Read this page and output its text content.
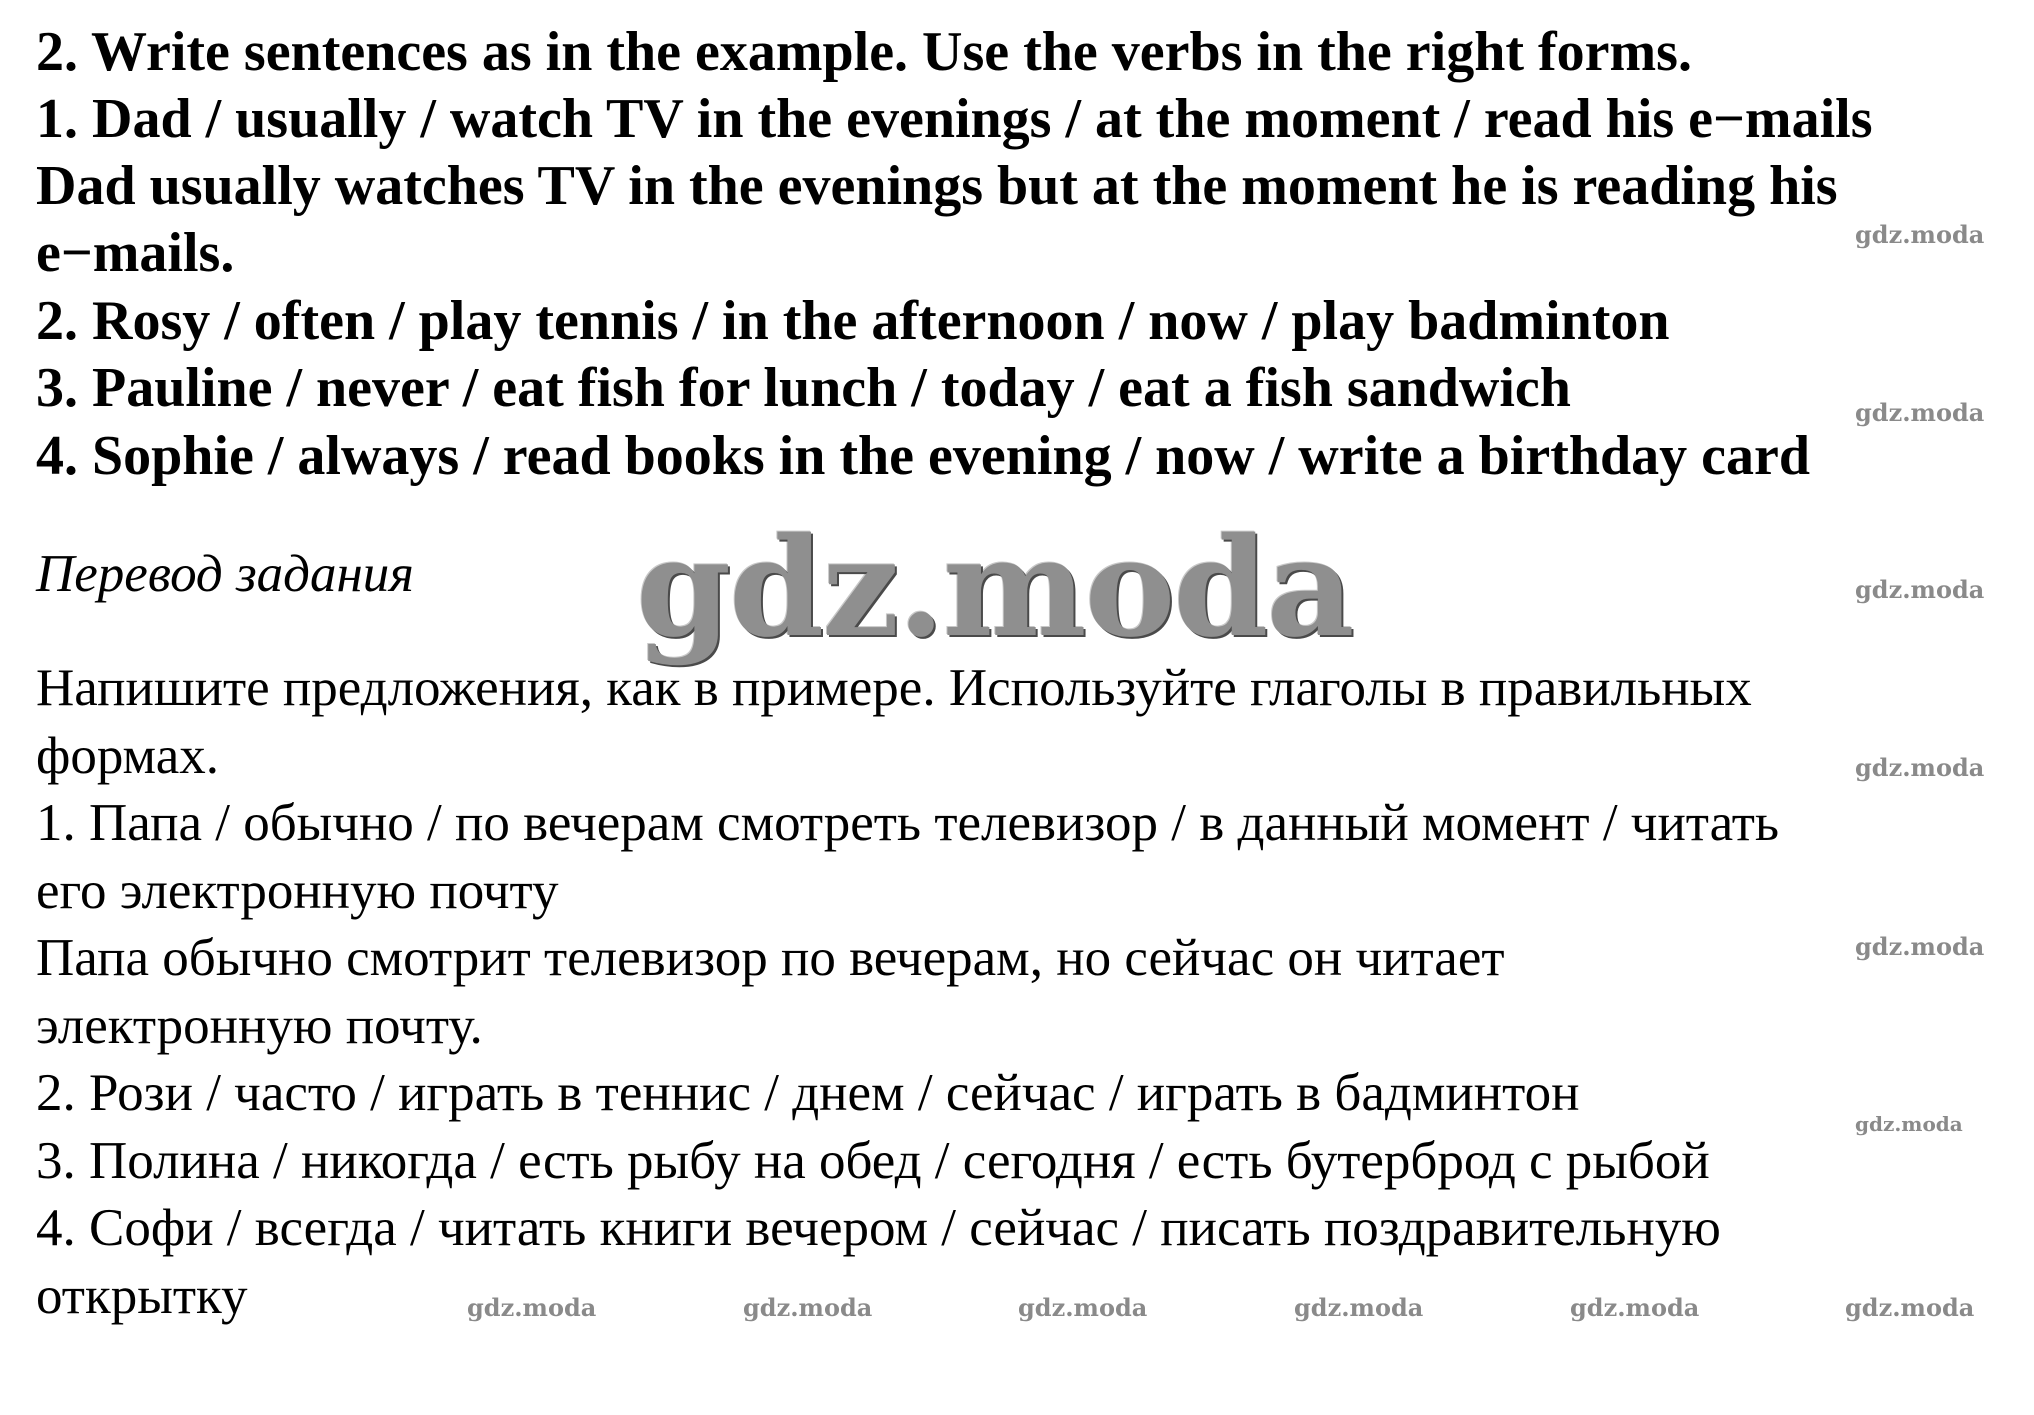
2. Write sentences as in the example. Use the verbs in the right forms.

1. Dad / usually / watch TV in the evenings / at the moment / read his e−mails

Dad usually watches TV in the evenings but at the moment he is reading his

e−mails.

2. Rosy / often / play tennis / in the afternoon / now / play badminton

3. Pauline / never / eat fish for lunch / today / eat a fish sandwich

4. Sophie / always / read books in the evening / now / write a birthday card

Перевод задания gdz.moda

Напишите предложения, как в примере. Используйте глаголы в правильных

формах.

1. Папа / обычно / по вечерам смотреть телевизор / в данный момент / читать

его электронную почту

Папа обычно смотрит телевизор по вечерам, но сейчас он читает

электронную почту.

2. Рози / часто / играть в теннис / днем / сейчас / играть в бадминтон

3. Полина / никогда / есть рыбу на обед / сегодня / есть бутерброд с рыбой

4. Софи / всегда / читать книги вечером / сейчас / писать поздравительную

открытку

gdz.moda
gdz.moda
gdz.moda
gdz.moda
gdz.moda
gdz.moda
gdz.moda	gdz.moda	gdz.moda	gdz.moda	gdz.moda	gdz.moda
